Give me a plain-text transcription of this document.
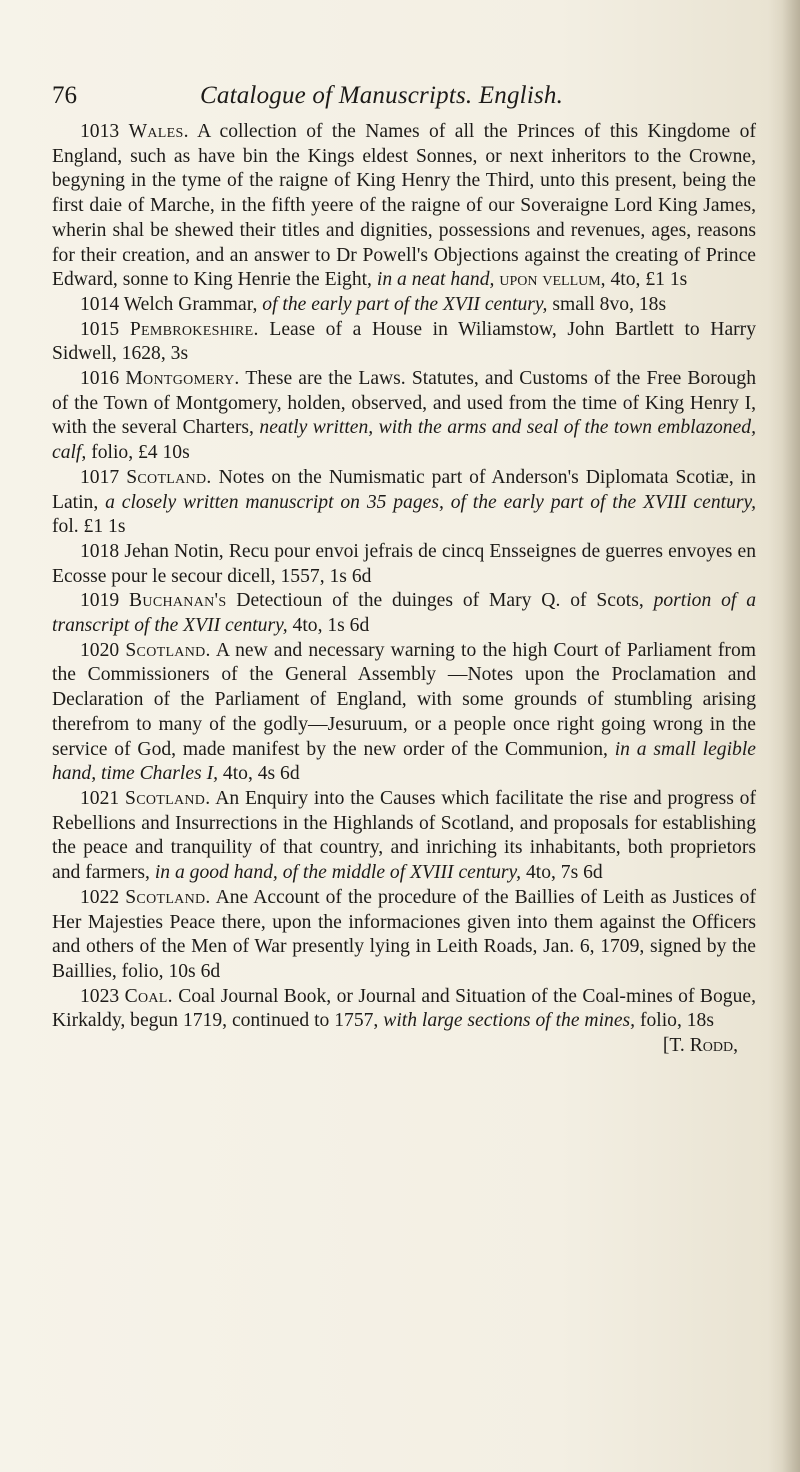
76	Catalogue of Manuscripts. English.

1013 Wales. A collection of the Names of all the Princes of this Kingdome of England, such as have bin the Kings eldest Sonnes, or next inheritors to the Crowne, begyning in the tyme of the raigne of King Henry the Third, unto this present, being the first daie of Marche, in the fifth yeere of the raigne of our Soveraigne Lord King James, wherin shal be shewed their titles and dignities, possessions and revenues, ages, reasons for their creation, and an answer to Dr Powell's Objections against the creating of Prince Edward, sonne to King Henrie the Eight, in a neat hand, upon vellum, 4to, £1 1s

1014 Welch Grammar, of the early part of the XVII century, small 8vo, 18s

1015 Pembrokeshire. Lease of a House in Wiliamstow, John Bartlett to Harry Sidwell, 1628, 3s

1016 Montgomery. These are the Laws. Statutes, and Customs of the Free Borough of the Town of Montgomery, holden, observed, and used from the time of King Henry I, with the several Charters, neatly written, with the arms and seal of the town emblazoned, calf, folio, £4 10s

1017 Scotland. Notes on the Numismatic part of Anderson's Diplomata Scotiæ, in Latin, a closely written manuscript on 35 pages, of the early part of the XVIII century, fol. £1 1s

1018 Jehan Notin, Recu pour envoi jefrais de cincq Ensseignes de guerres envoyes en Ecosse pour le secour dicell, 1557, 1s 6d

1019 Buchanan's Detectioun of the duinges of Mary Q. of Scots, portion of a transcript of the XVII century, 4to, 1s 6d

1020 Scotland. A new and necessary warning to the high Court of Parliament from the Commissioners of the General Assembly —Notes upon the Proclamation and Declaration of the Parliament of England, with some grounds of stumbling arising therefrom to many of the godly—Jesuruum, or a people once right going wrong in the service of God, made manifest by the new order of the Communion, in a small legible hand, time Charles I, 4to, 4s 6d

1021 Scotland. An Enquiry into the Causes which facilitate the rise and progress of Rebellions and Insurrections in the Highlands of Scotland, and proposals for establishing the peace and tranquility of that country, and inriching its inhabitants, both proprietors and farmers, in a good hand, of the middle of XVIII century, 4to, 7s 6d

1022 Scotland. Ane Account of the procedure of the Baillies of Leith as Justices of Her Majesties Peace there, upon the informaciones given into them against the Officers and others of the Men of War presently lying in Leith Roads, Jan. 6, 1709, signed by the Baillies, folio, 10s 6d

1023 Coal. Coal Journal Book, or Journal and Situation of the Coal-mines of Bogue, Kirkaldy, begun 1719, continued to 1757, with large sections of the mines, folio, 18s

[T. Rodd,
